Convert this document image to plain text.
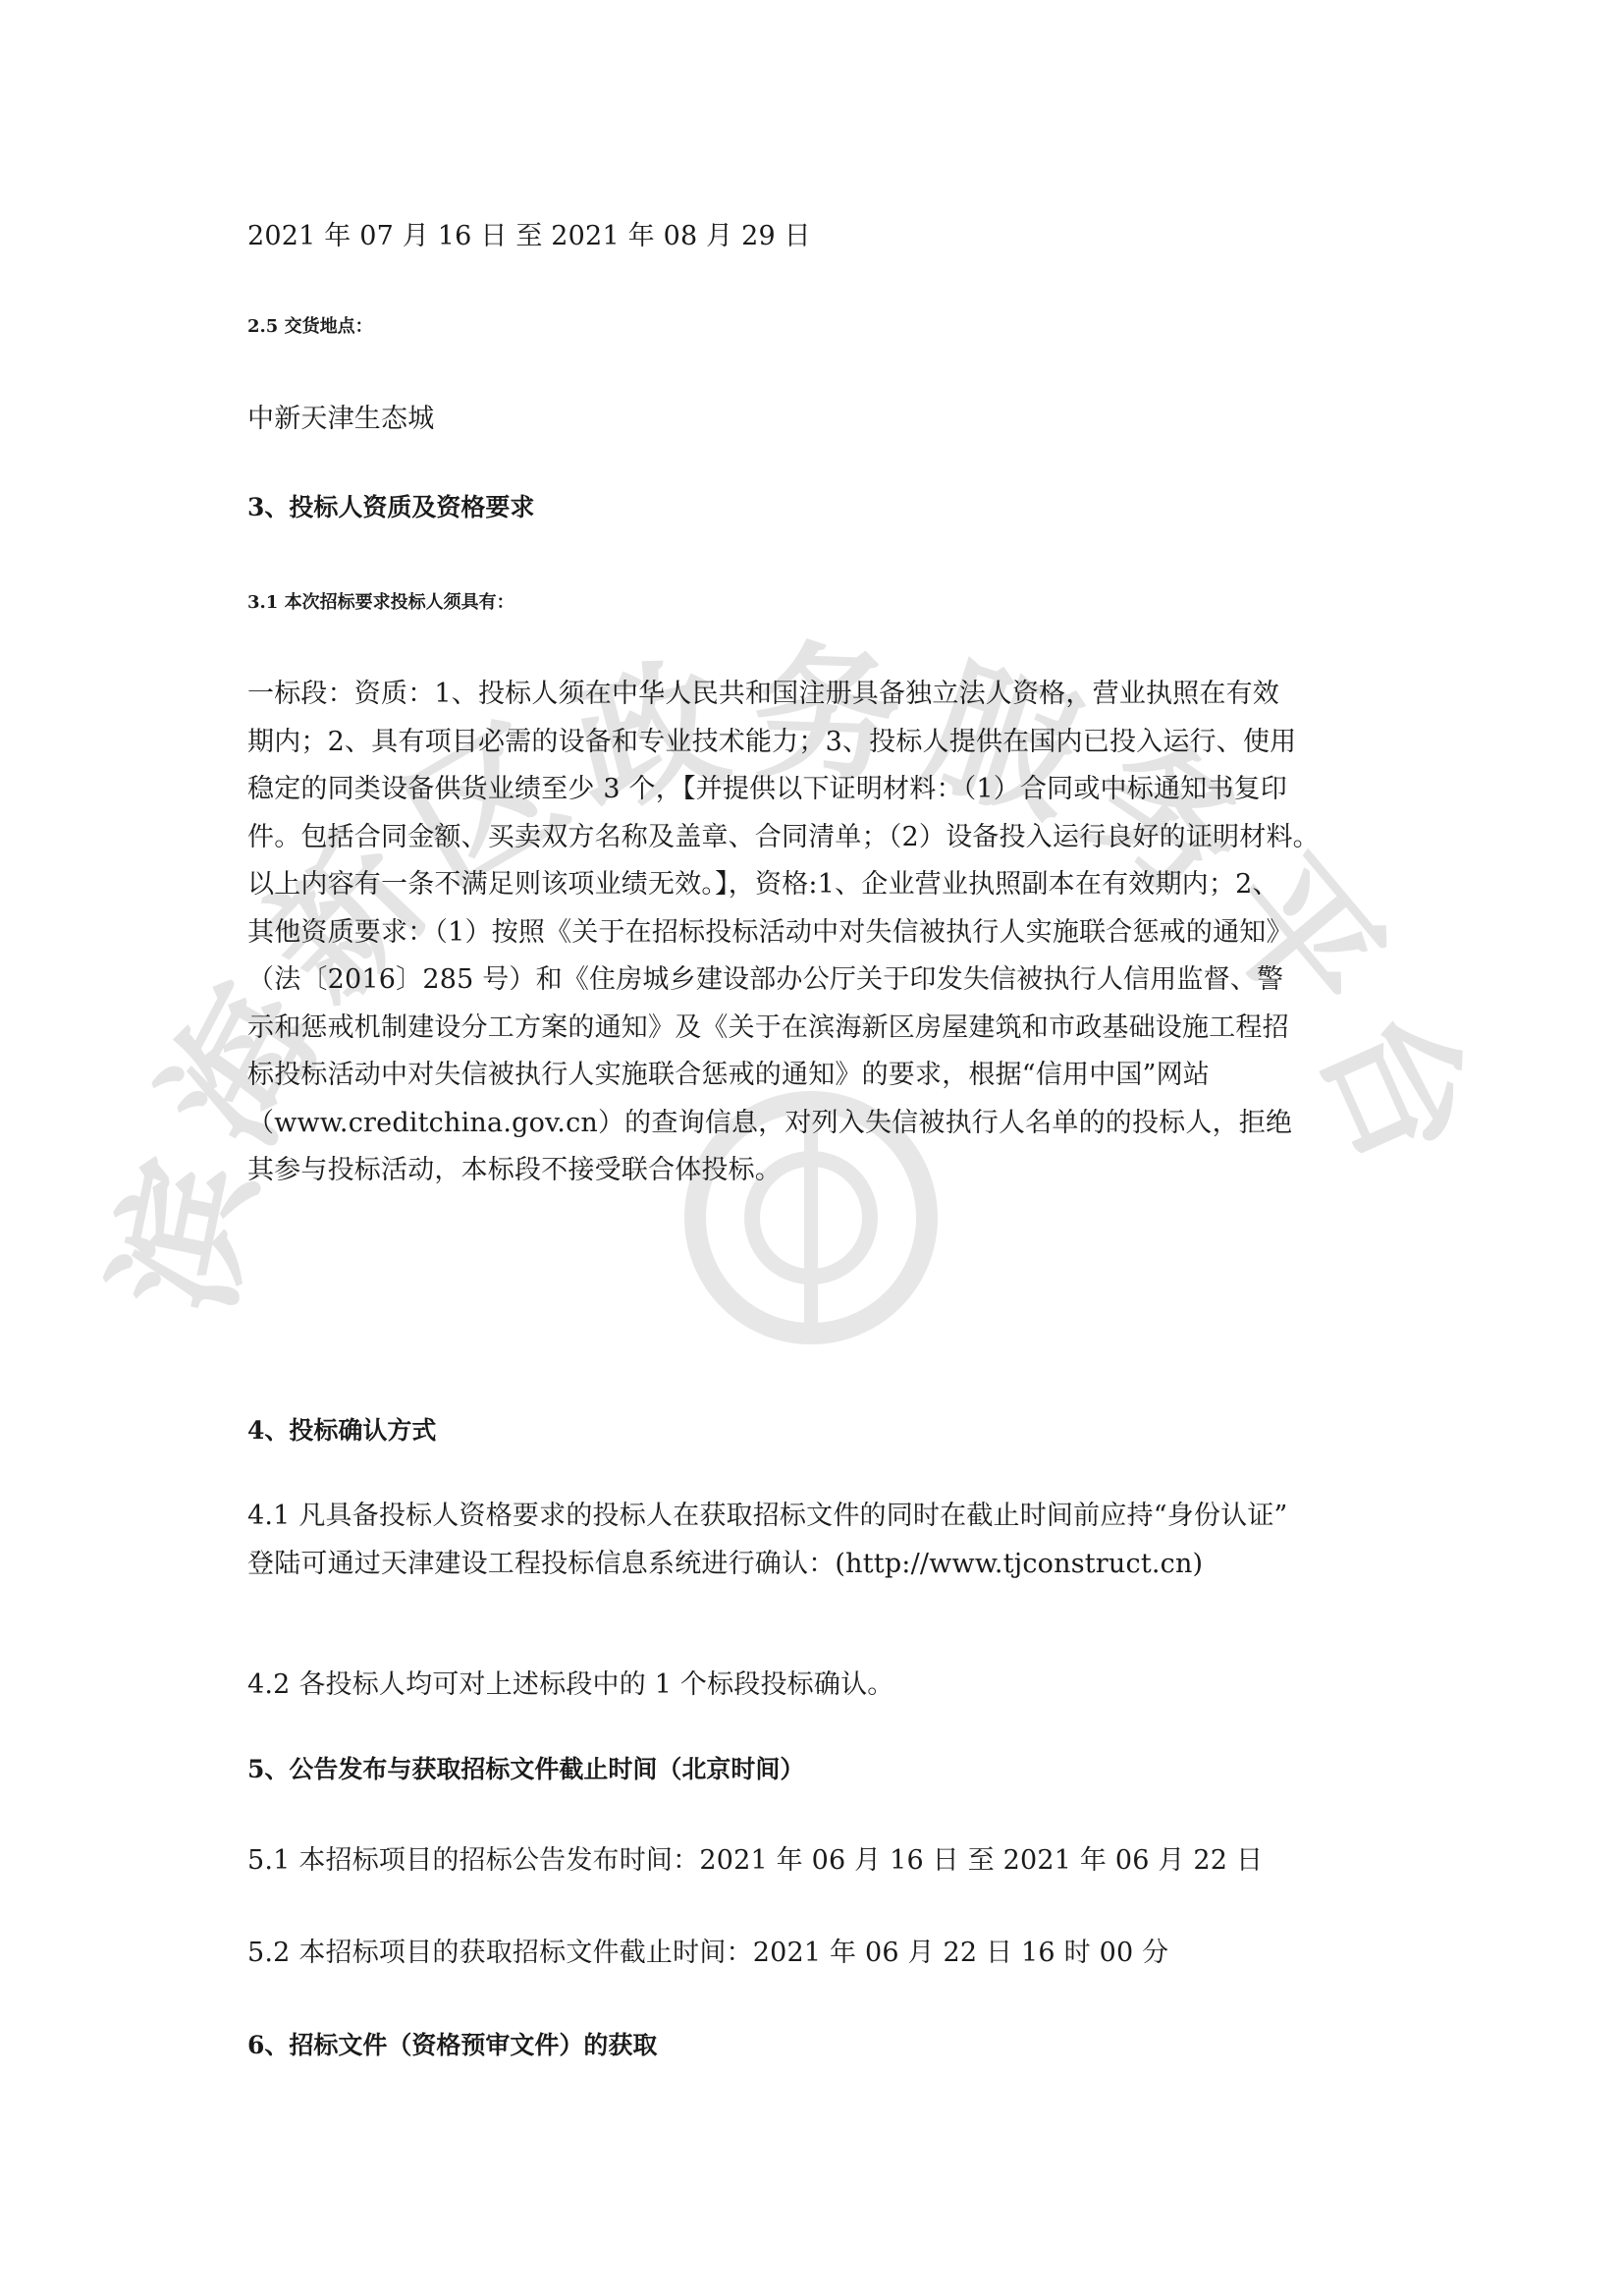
滨海新区政务服务平台

2021 年 07 月 16 日 至 2021 年 08 月 29 日

2.5 交货地点：

中新天津生态城

3、投标人资质及资格要求

3.1 本次招标要求投标人须具有：

一标段：资质：1、投标人须在中华人民共和国注册具备独立法人资格，营业执照在有效
期内；2、具有项目必需的设备和专业技术能力；3、投标人提供在国内已投入运行、使用
稳定的同类设备供货业绩至少 3 个，【并提供以下证明材料：（1）合同或中标通知书复印
件。包括合同金额、买卖双方名称及盖章、合同清单；（2）设备投入运行良好的证明材料。
以上内容有一条不满足则该项业绩无效。】，资格:1、企业营业执照副本在有效期内；2、
其他资质要求：（1）按照《关于在招标投标活动中对失信被执行人实施联合惩戒的通知》
（法〔2016〕285 号）和《住房城乡建设部办公厅关于印发失信被执行人信用监督、警
示和惩戒机制建设分工方案的通知》及《关于在滨海新区房屋建筑和市政基础设施工程招
标投标活动中对失信被执行人实施联合惩戒的通知》的要求，根据“信用中国”网站
（www.creditchina.gov.cn）的查询信息，对列入失信被执行人名单的的投标人，拒绝
其参与投标活动，本标段不接受联合体投标。

4、投标确认方式

4.1 凡具备投标人资格要求的投标人在获取招标文件的同时在截止时间前应持“身份认证”
登陆可通过天津建设工程投标信息系统进行确认：(http://www.tjconstruct.cn)

4.2 各投标人均可对上述标段中的 1 个标段投标确认。

5、公告发布与获取招标文件截止时间（北京时间）

5.1 本招标项目的招标公告发布时间：2021 年 06 月 16 日 至 2021 年 06 月 22 日

5.2 本招标项目的获取招标文件截止时间：2021 年 06 月 22 日 16 时 00 分

6、招标文件（资格预审文件）的获取
